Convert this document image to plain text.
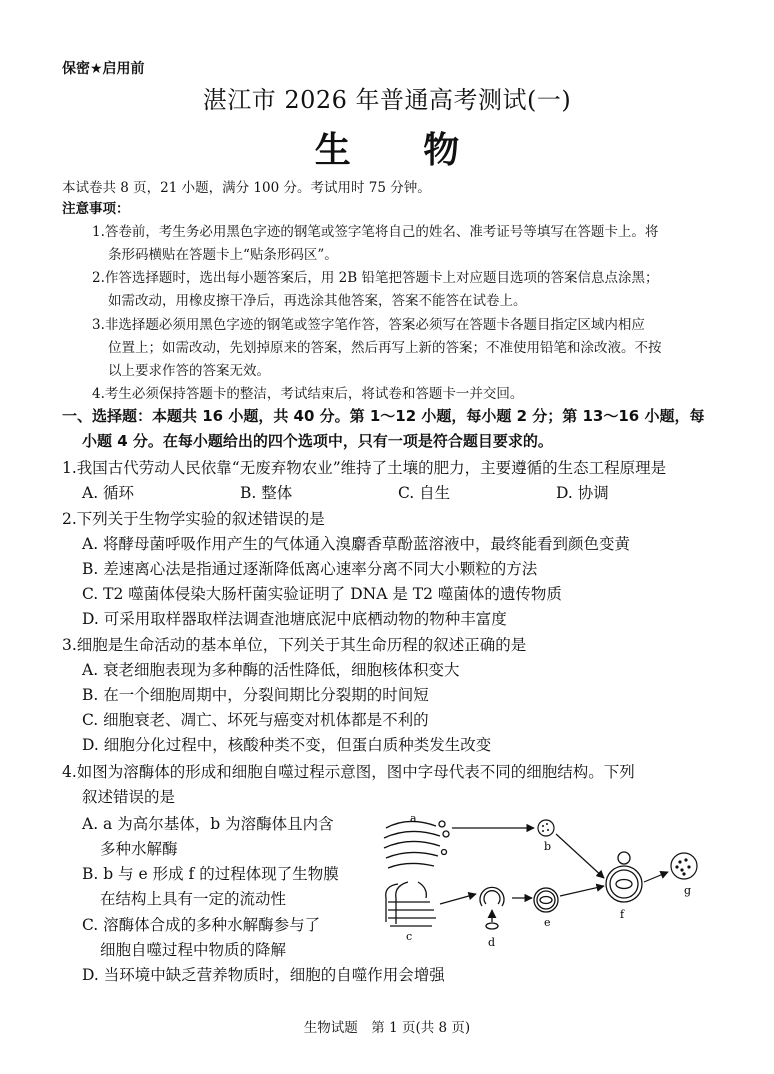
保密★启用前
湛江市 2026 年普通高考测试(一)
生 物
本试卷共 8 页，21 小题，满分 100 分。考试用时 75 分钟。
注意事项：
1.答卷前，考生务必用黑色字迹的钢笔或签字笔将自己的姓名、准考证号等填写在答题卡上。将
条形码横贴在答题卡上“贴条形码区”。
2.作答选择题时，选出每小题答案后，用 2B 铅笔把答题卡上对应题目选项的答案信息点涂黑；
如需改动，用橡皮擦干净后，再选涂其他答案，答案不能答在试卷上。
3.非选择题必须用黑色字迹的钢笔或签字笔作答，答案必须写在答题卡各题目指定区域内相应
位置上；如需改动，先划掉原来的答案，然后再写上新的答案；不准使用铅笔和涂改液。不按
以上要求作答的答案无效。
4.考生必须保持答题卡的整洁，考试结束后，将试卷和答题卡一并交回。
一、选择题：本题共 16 小题，共 40 分。第 1～12 小题，每小题 2 分；第 13～16 小题，每
小题 4 分。在每小题给出的四个选项中，只有一项是符合题目要求的。
1.我国古代劳动人民依靠“无废弃物农业”维持了土壤的肥力，主要遵循的生态工程原理是
A. 循环	B. 整体	C. 自生	D. 协调
2.下列关于生物学实验的叙述错误的是
A. 将酵母菌呼吸作用产生的气体通入溴麝香草酚蓝溶液中，最终能看到颜色变黄
B. 差速离心法是指通过逐渐降低离心速率分离不同大小颗粒的方法
C. T2 噬菌体侵染大肠杆菌实验证明了 DNA 是 T2 噬菌体的遗传物质
D. 可采用取样器取样法调查池塘底泥中底栖动物的物种丰富度
3.细胞是生命活动的基本单位，下列关于其生命历程的叙述正确的是
A. 衰老细胞表现为多种酶的活性降低，细胞核体积变大
B. 在一个细胞周期中，分裂间期比分裂期的时间短
C. 细胞衰老、凋亡、坏死与癌变对机体都是不利的
D. 细胞分化过程中，核酸种类不变，但蛋白质种类发生改变
4.如图为溶酶体的形成和细胞自噬过程示意图，图中字母代表不同的细胞结构。下列
叙述错误的是
A. a 为高尔基体，b 为溶酶体且内含
多种水解酶
B. b 与 e 形成 f 的过程体现了生物膜
在结构上具有一定的流动性
C. 溶酶体合成的多种水解酶参与了
细胞自噬过程中物质的降解
D. 当环境中缺乏营养物质时，细胞的自噬作用会增强
a
b
c	d
e
f
g
生物试题　第 1 页(共 8 页)
